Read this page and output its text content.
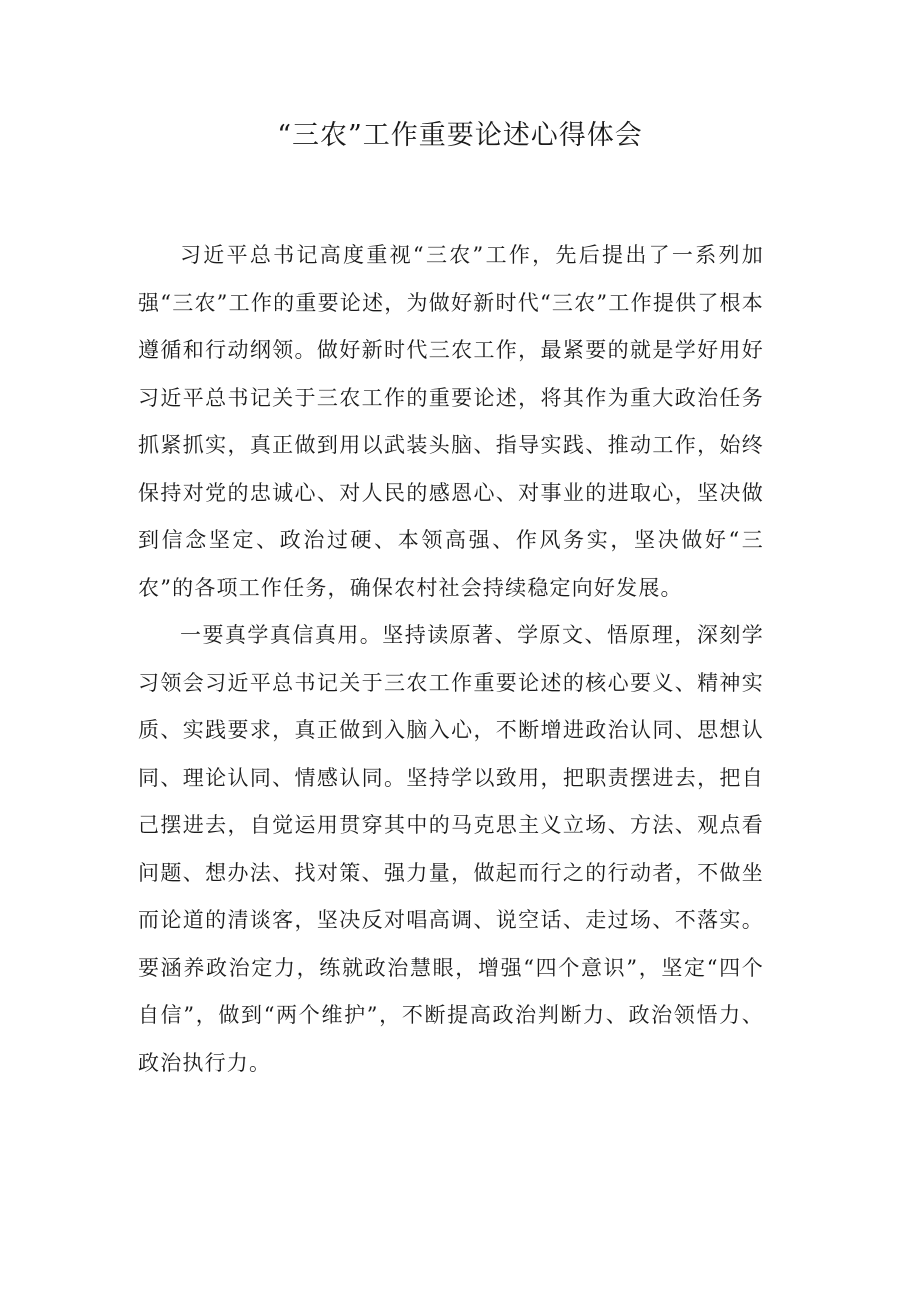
“三农”工作重要论述心得体会

习近平总书记高度重视“三农”工作，先后提出了一系列加强“三农”工作的重要论述，为做好新时代“三农”工作提供了根本遵循和行动纲领。做好新时代三农工作，最紧要的就是学好用好习近平总书记关于三农工作的重要论述，将其作为重大政治任务抓紧抓实，真正做到用以武装头脑、指导实践、推动工作，始终保持对党的忠诚心、对人民的感恩心、对事业的进取心，坚决做到信念坚定、政治过硬、本领高强、作风务实，坚决做好“三农”的各项工作任务，确保农村社会持续稳定向好发展。

一要真学真信真用。坚持读原著、学原文、悟原理，深刻学习领会习近平总书记关于三农工作重要论述的核心要义、精神实质、实践要求，真正做到入脑入心，不断增进政治认同、思想认同、理论认同、情感认同。坚持学以致用，把职责摆进去，把自己摆进去，自觉运用贯穿其中的马克思主义立场、方法、观点看问题、想办法、找对策、强力量，做起而行之的行动者，不做坐而论道的清谈客，坚决反对唱高调、说空话、走过场、不落实。要涵养政治定力，练就政治慧眼，增强“四个意识”，坚定“四个自信”，做到“两个维护”，不断提高政治判断力、政治领悟力、政治执行力。
